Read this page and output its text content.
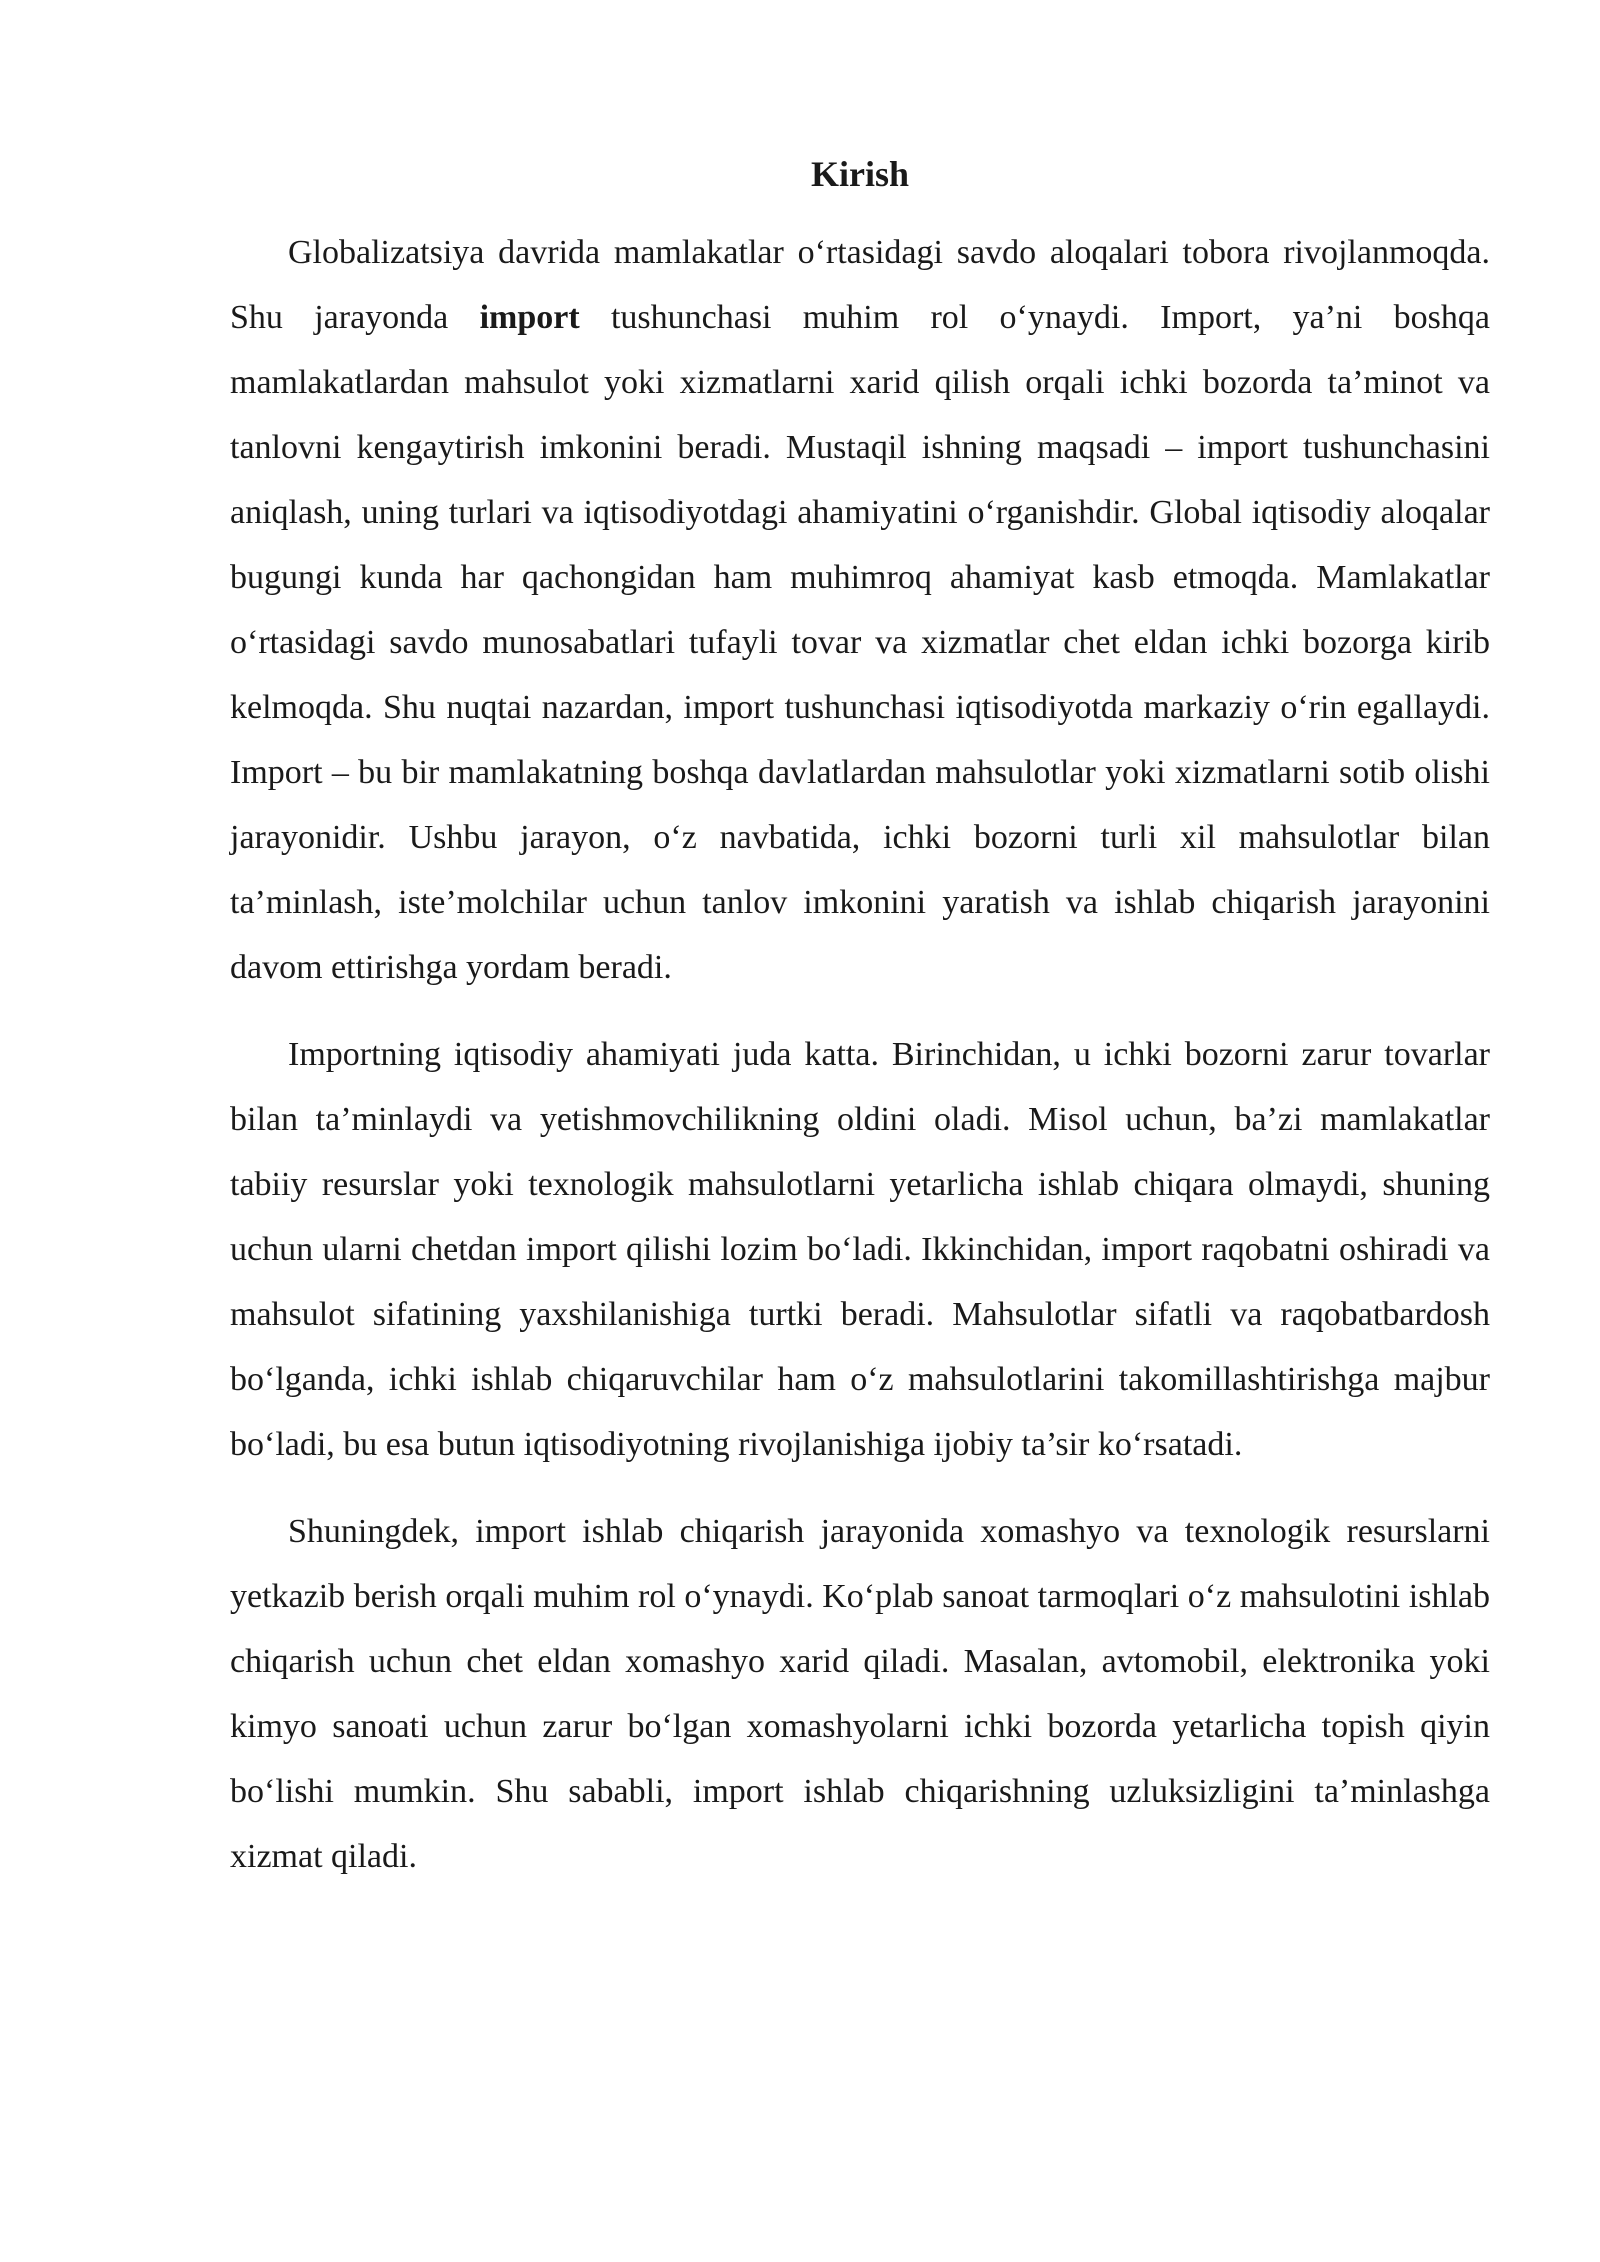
Kirish

Globalizatsiya davrida mamlakatlar o‘rtasidagi savdo aloqalari tobora rivojlanmoqda. Shu jarayonda import tushunchasi muhim rol o‘ynaydi. Import, ya’ni boshqa mamlakatlardan mahsulot yoki xizmatlarni xarid qilish orqali ichki bozorda ta’minot va tanlovni kengaytirish imkonini beradi. Mustaqil ishning maqsadi – import tushunchasini aniqlash, uning turlari va iqtisodiyotdagi ahamiyatini o‘rganishdir. Global iqtisodiy aloqalar bugungi kunda har qachongidan ham muhimroq ahamiyat kasb etmoqda. Mamlakatlar o‘rtasidagi savdo munosabatlari tufayli tovar va xizmatlar chet eldan ichki bozorga kirib kelmoqda. Shu nuqtai nazardan, import tushunchasi iqtisodiyotda markaziy o‘rin egallaydi. Import – bu bir mamlakatning boshqa davlatlardan mahsulotlar yoki xizmatlarni sotib olishi jarayonidir. Ushbu jarayon, o‘z navbatida, ichki bozorni turli xil mahsulotlar bilan ta’minlash, iste’molchilar uchun tanlov imkonini yaratish va ishlab chiqarish jarayonini davom ettirishga yordam beradi.

Importning iqtisodiy ahamiyati juda katta. Birinchidan, u ichki bozorni zarur tovarlar bilan ta’minlaydi va yetishmovchilikning oldini oladi. Misol uchun, ba’zi mamlakatlar tabiiy resurslar yoki texnologik mahsulotlarni yetarlicha ishlab chiqara olmaydi, shuning uchun ularni chetdan import qilishi lozim bo‘ladi. Ikkinchidan, import raqobatni oshiradi va mahsulot sifatining yaxshilanishiga turtki beradi. Mahsulotlar sifatli va raqobatbardosh bo‘lganda, ichki ishlab chiqaruvchilar ham o‘z mahsulotlarini takomillashtirishga majbur bo‘ladi, bu esa butun iqtisodiyotning rivojlanishiga ijobiy ta’sir ko‘rsatadi.

Shuningdek, import ishlab chiqarish jarayonida xomashyo va texnologik resurslarni yetkazib berish orqali muhim rol o‘ynaydi. Ko‘plab sanoat tarmoqlari o‘z mahsulotini ishlab chiqarish uchun chet eldan xomashyo xarid qiladi. Masalan, avtomobil, elektronika yoki kimyo sanoati uchun zarur bo‘lgan xomashyolarni ichki bozorda yetarlicha topish qiyin bo‘lishi mumkin. Shu sababli, import ishlab chiqarishning uzluksizligini ta’minlashga xizmat qiladi.
